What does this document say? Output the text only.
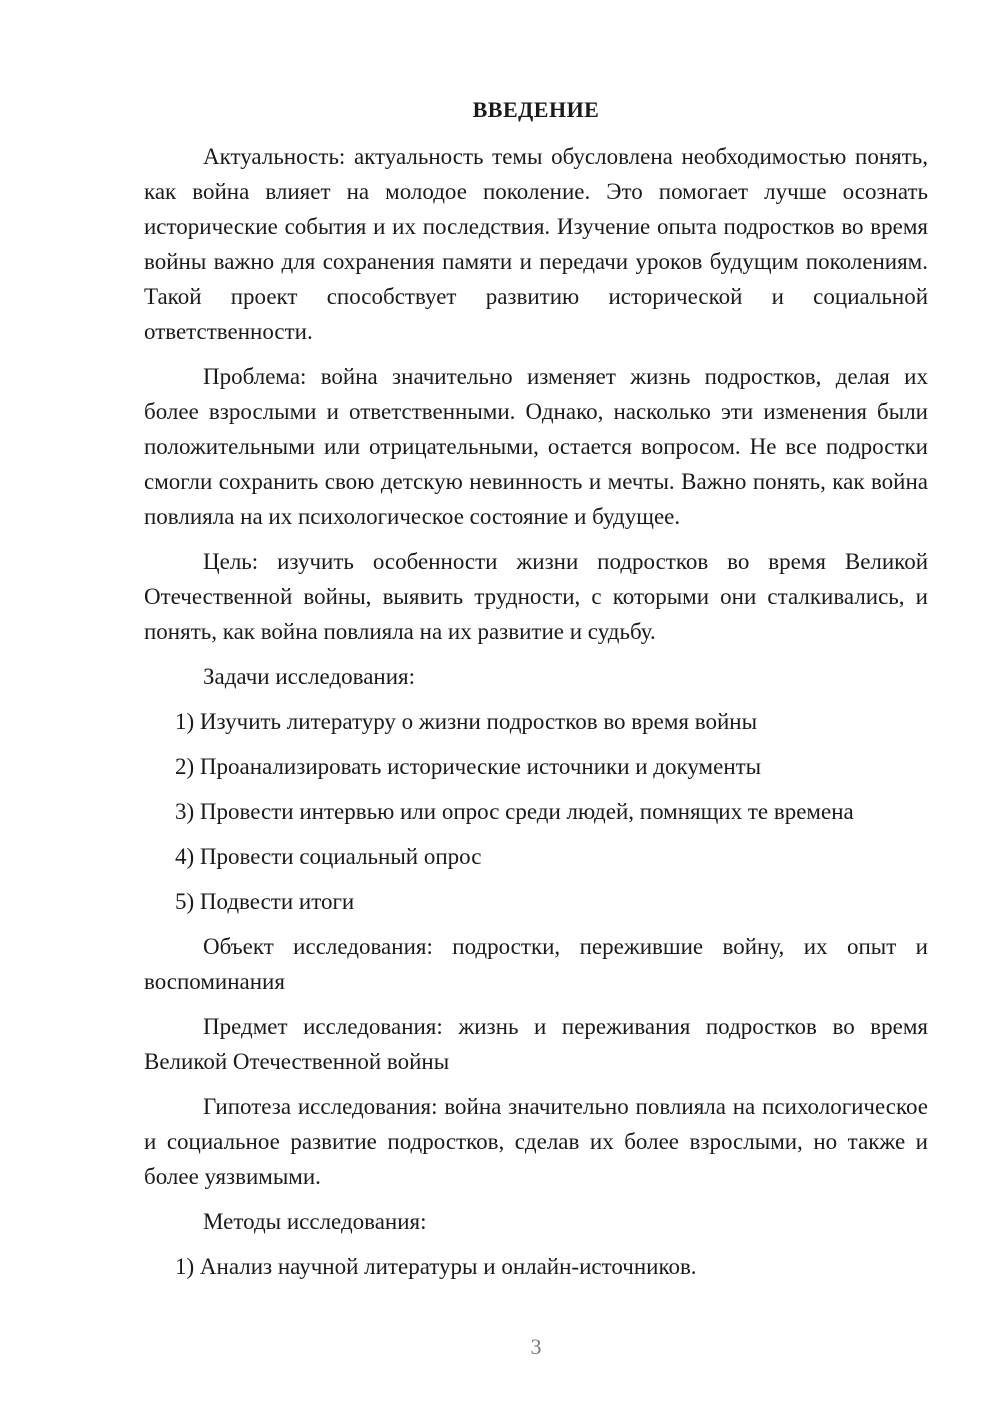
ВВЕДЕНИЕ

Актуальность: актуальность темы обусловлена необходимостью понять, как война влияет на молодое поколение. Это помогает лучше осознать исторические события и их последствия. Изучение опыта подростков во время войны важно для сохранения памяти и передачи уроков будущим поколениям. Такой проект способствует развитию исторической и социальной ответственности.

Проблема: война значительно изменяет жизнь подростков, делая их более взрослыми и ответственными. Однако, насколько эти изменения были положительными или отрицательными, остается вопросом. Не все подростки смогли сохранить свою детскую невинность и мечты. Важно понять, как война повлияла на их психологическое состояние и будущее.

Цель: изучить особенности жизни подростков во время Великой Отечественной войны, выявить трудности, с которыми они сталкивались, и понять, как война повлияла на их развитие и судьбу.

Задачи исследования:

1) Изучить литературу о жизни подростков во время войны

2) Проанализировать исторические источники и документы

3) Провести интервью или опрос среди людей, помнящих те времена

4) Провести социальный опрос

5) Подвести итоги

Объект исследования: подростки, пережившие войну, их опыт и воспоминания

Предмет исследования: жизнь и переживания подростков во время Великой Отечественной войны

Гипотеза исследования: война значительно повлияла на психологическое и социальное развитие подростков, сделав их более взрослыми, но также и более уязвимыми.

Методы исследования:

1) Анализ научной литературы и онлайн-источников.

3
